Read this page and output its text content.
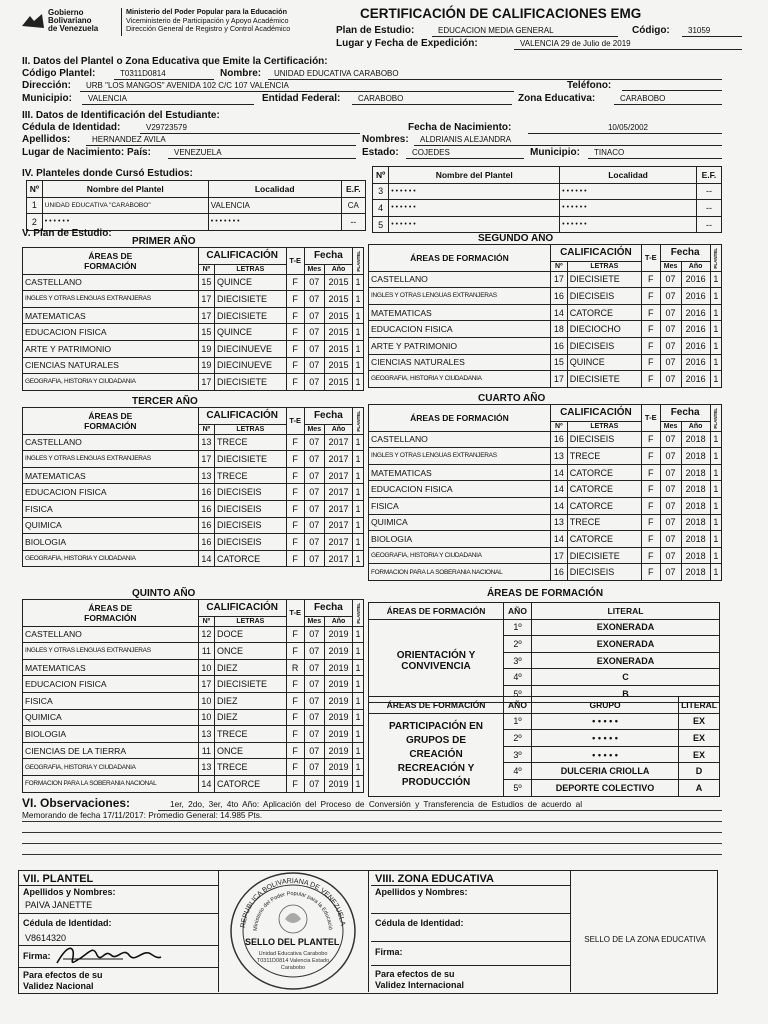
Gobierno
Bolivariano
de Venezuela
Ministerio del Poder Popular para la Educación
Viceministerio de Participación y Apoyo Académico
Dirección General de Registro y Control Académico
CERTIFICACIÓN DE CALIFICACIONES EMG
Plan de Estudio:	EDUCACION MEDIA GENERAL	Código:	31059
Lugar y Fecha de Expedición:	VALENCIA 29 de Julio de 2019
II. Datos del Plantel o Zona Educativa que Emite la Certificación:
Código Plantel:	T0311D0814	Nombre:	UNIDAD EDUCATIVA CARABOBO
Dirección:	URB "LOS MANGOS" AVENIDA 102 C/C 107 VALENCIA	Teléfono:
Municipio:	VALENCIA	Entidad Federal:	CARABOBO	Zona Educativa:	CARABOBO
III. Datos de Identificación del Estudiante:
Cédula de Identidad:	V29723579	Fecha de Nacimiento:	10/05/2002
Apellidos:	HERNANDEZ AVILA	Nombres:	ALDRIANIS ALEJANDRA
Lugar de Nacimiento: País:	VENEZUELA	Estado:	COJEDES	Municipio:	TINACO
IV. Planteles donde Cursó Estudios:
Nº	Nombre del Plantel	Localidad	E.F.
1	UNIDAD EDUCATIVA "CARABOBO"	VALENCIA	CA
2	• • • • • •	• • • • • • •	--
Nº	Nombre del Plantel	Localidad	E.F.
3	• • • • • •	• • • • • •	--
4	• • • • • •	• • • • • •	--
5	• • • • • •	• • • • • •	--
V. Plan de Estudio:
PRIMER AÑO
ÁREAS DE FORMACIÓN	CALIFICACIÓN		T-E	Fecha		PLANTEL
	Nº	LETRAS		Mes	Año	
CASTELLANO	15	QUINCE	F	07	2015	1
INGLES Y OTRAS LENGUAS EXTRANJERAS	17	DIECISIETE	F	07	2015	1
MATEMATICAS	17	DIECISIETE	F	07	2015	1
EDUCACION FISICA	15	QUINCE	F	07	2015	1
ARTE Y PATRIMONIO	19	DIECINUEVE	F	07	2015	1
CIENCIAS NATURALES	19	DIECINUEVE	F	07	2015	1
GEOGRAFIA, HISTORIA Y CIUDADANIA	17	DIECISIETE	F	07	2015	1
SEGUNDO AÑO
ÁREAS DE FORMACIÓN	CALIFICACIÓN		T-E	Fecha		PLANTEL
	Nº	LETRAS		Mes	Año	
CASTELLANO	17	DIECISIETE	F	07	2016	1
INGLES Y OTRAS LENGUAS EXTRANJERAS	16	DIECISEIS	F	07	2016	1
MATEMATICAS	14	CATORCE	F	07	2016	1
EDUCACION FISICA	18	DIECIOCHO	F	07	2016	1
ARTE Y PATRIMONIO	16	DIECISEIS	F	07	2016	1
CIENCIAS NATURALES	15	QUINCE	F	07	2016	1
GEOGRAFIA, HISTORIA Y CIUDADANIA	17	DIECISIETE	F	07	2016	1
TERCER AÑO
ÁREAS DE FORMACIÓN	CALIFICACIÓN		T-E	Fecha		PLANTEL
	Nº	LETRAS		Mes	Año	
CASTELLANO	13	TRECE	F	07	2017	1
INGLES Y OTRAS LENGUAS EXTRANJERAS	17	DIECISIETE	F	07	2017	1
MATEMATICAS	13	TRECE	F	07	2017	1
EDUCACION FISICA	16	DIECISEIS	F	07	2017	1
FISICA	16	DIECISEIS	F	07	2017	1
QUIMICA	16	DIECISEIS	F	07	2017	1
BIOLOGIA	16	DIECISEIS	F	07	2017	1
GEOGRAFIA, HISTORIA Y CIUDADANIA	14	CATORCE	F	07	2017	1
CUARTO AÑO
ÁREAS DE FORMACIÓN	CALIFICACIÓN		T-E	Fecha		PLANTEL
	Nº	LETRAS		Mes	Año	
CASTELLANO	16	DIECISEIS	F	07	2018	1
INGLES Y OTRAS LENGUAS EXTRANJERAS	13	TRECE	F	07	2018	1
MATEMATICAS	14	CATORCE	F	07	2018	1
EDUCACION FISICA	14	CATORCE	F	07	2018	1
FISICA	14	CATORCE	F	07	2018	1
QUIMICA	13	TRECE	F	07	2018	1
BIOLOGIA	14	CATORCE	F	07	2018	1
GEOGRAFIA, HISTORIA Y CIUDADANIA	17	DIECISIETE	F	07	2018	1
FORMACION PARA LA SOBERANIA NACIONAL	16	DIECISEIS	F	07	2018	1
QUINTO AÑO
ÁREAS DE FORMACIÓN	CALIFICACIÓN		T-E	Fecha		PLANTEL
	Nº	LETRAS		Mes	Año	
CASTELLANO	12	DOCE	F	07	2019	1
INGLES Y OTRAS LENGUAS EXTRANJERAS	11	ONCE	F	07	2019	1
MATEMATICAS	10	DIEZ	R	07	2019	1
EDUCACION FISICA	17	DIECISIETE	F	07	2019	1
FISICA	10	DIEZ	F	07	2019	1
QUIMICA	10	DIEZ	F	07	2019	1
BIOLOGIA	13	TRECE	F	07	2019	1
CIENCIAS DE LA TIERRA	11	ONCE	F	07	2019	1
GEOGRAFIA, HISTORIA Y CIUDADANIA	13	TRECE	F	07	2019	1
FORMACION PARA LA SOBERANIA NACIONAL	14	CATORCE	F	07	2019	1
ÁREAS DE FORMACIÓN
ÁREAS DE FORMACIÓN	AÑO	LITERAL
ORIENTACIÓN Y CONVIVENCIA	1º	EXONERADA
	2º	EXONERADA
	3º	EXONERADA
	4º	C
	5º	B
ÁREAS DE FORMACIÓN	AÑO	GRUPO	LITERAL
PARTICIPACIÓN EN GRUPOS DE CREACIÓN RECREACIÓN Y PRODUCCIÓN	1º	• • • • •	EX
	2º	• • • • •	EX
	3º	• • • • •	EX
	4º	DULCERIA CRIOLLA	D
	5º	DEPORTE COLECTIVO	A
VI. Observaciones:	1er, 2do, 3er, 4to Año: Aplicación del Proceso de Conversión y Transferencia de Estudios de acuerdo al
Memorando de fecha 17/11/2017: Promedio General: 14.985 Pts.
VII. PLANTEL
Apellidos y Nombres:
PAIVA JANETTE
Cédula de Identidad:
V8614320
Firma:
Para efectos de su Validez Nacional
REPUBLICA BOLIVARIANA DE VENEZUELA
Ministerio del Poder Popular para la Educació
SELLO DEL PLANTEL
Unidad Educativa Carabobo T0311D0814 Valencia Estado Carabobo
VIII. ZONA EDUCATIVA
Apellidos y Nombres:
Cédula de Identidad:
Firma:
Para efectos de su Validez Internacional
SELLO DE LA ZONA EDUCATIVA
